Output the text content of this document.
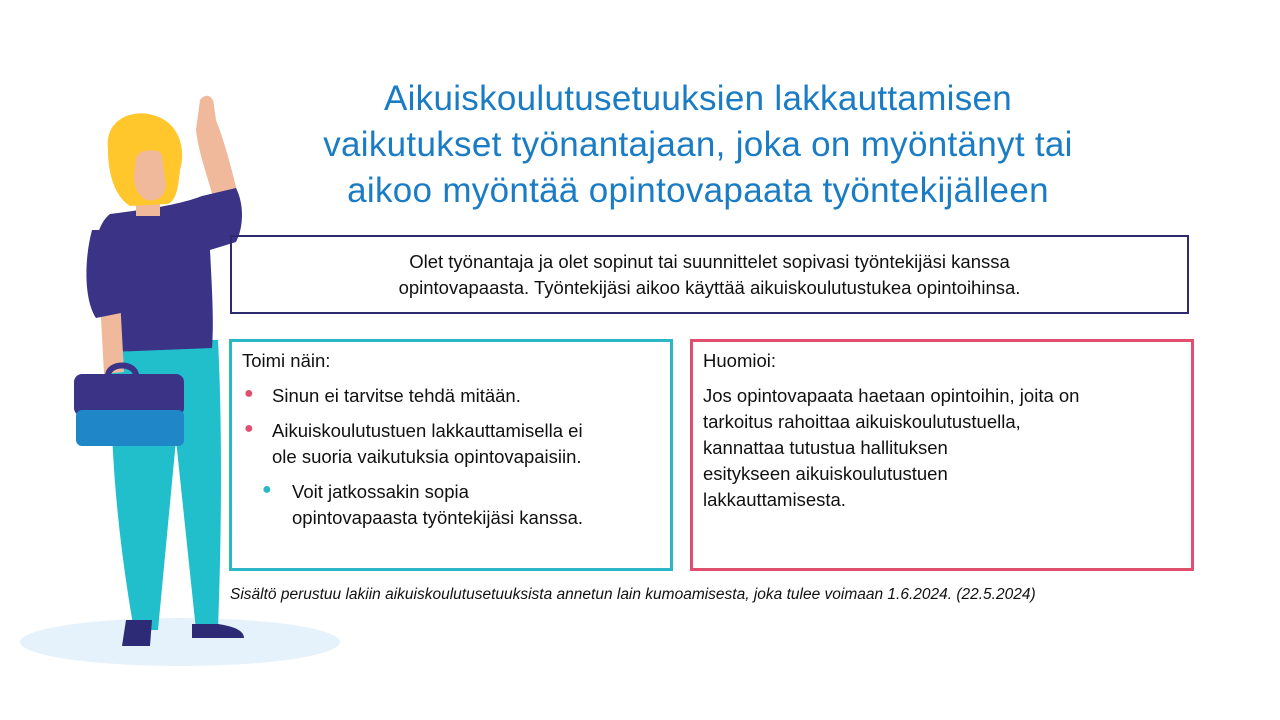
Aikuiskoulutusetuuksien lakkauttamisen
vaikutukset työnantajaan, joka on myöntänyt tai
aikoo myöntää opintovapaata työntekijälleen
Olet työnantaja ja olet sopinut tai suunnittelet sopivasi työntekijäsi kanssa
opintovapaasta. Työntekijäsi aikoo käyttää aikuiskoulutustukea opintoihinsa.
Toimi näin:
● Sinun ei tarvitse tehdä mitään.
● Aikuiskoulutustuen lakkauttamisella ei
ole suoria vaikutuksia opintovapaisiin.
● Voit jatkossakin sopia
opintovapaasta työntekijäsi kanssa.
Huomioi:
Jos opintovapaata haetaan opintoihin, joita on
tarkoitus rahoittaa aikuiskoulutustuella,
kannattaa tutustua hallituksen
esitykseen aikuiskoulutustuen
lakkauttamisesta.
Sisältö perustuu lakiin aikuiskoulutusetuuksista annetun lain kumoamisesta, joka tulee voimaan 1.6.2024. (22.5.2024)
